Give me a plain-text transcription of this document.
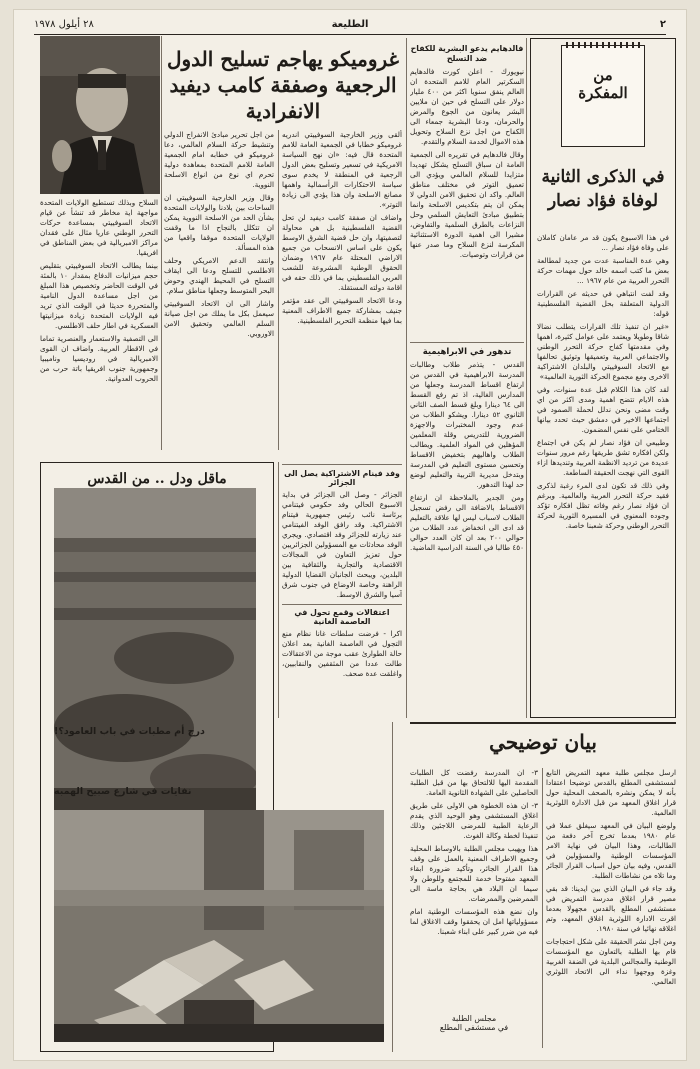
٢
الطليعة
٢٨ أيلول ١٩٧٨
من
المفكرة
في الذكرى الثانية لوفاة فؤاد نصار

في هذا الاسبوع يكون قد مر عامان كاملان على وفاة فؤاد نصار ...

وهي عدة المناسبة عدت من جديد لمطالعة بعض ما كتب اسمه خالد حول مهمات حركة التحرر العربية من عام ١٩٦٧ ...

وقد لفت انتباهي في حديثه عن القرارات الدولية المتعلقة بحل القضية الفلسطينية قوله:

«غير ان تنفيذ تلك القرارات يتطلب نضالا شاقا وطويلا ويعتمد على عوامل كثيرة، اهمها وفي مقدمتها كفاح حركة التحرر الوطني والاجتماعي العربية وتعميقها وتوثيق تحالفها مع الاتحاد السوفييتي والبلدان الاشتراكية الاخرى ومع مجموع الحركة الثورية العالمية»

لقد كان هذا الكلام قبل عدة سنوات، وفي هذه الايام تتضح اهمية ومدى اكثر من اي وقت مضى ونحن ندلل لحملة الصمود في اجتماعها الاخير في دمشق حيث تحدد بيانها الختامي على نفس المضمون.

وطبيعي ان فؤاد نصار لم يكن في اجتماع ولكن افكاره تشق طريقها رغم مرور سنوات عديدة من ترديد الانظمة العربية وتنديدها ازاء القوى التي نهجت الحقيقة الساطعة.

وفي ذلك قد تكون لدى المرء رغبة لذكرى فقيد حركة التحرر العربية والعالمية. وبرغم ان فؤاد نصار رغم وفاته تظل افكاره تؤكد وجوده المعنوي في المسيرة الثورية لحركة التحرر الوطني وحركة شعبنا خاصة.

فالدهايم يدعو البشرية للكفاح ضد التسلح

نيويورك - اعلن كورت فالدهايم السكرتير العام للامم المتحدة ان العالم ينفق سنويا اكثر من ٤٠٠ مليار دولار على التسلح في حين ان ملايين البشر يعانون من الجوع والمرض والحرمان، ودعا البشرية جمعاء الى الكفاح من اجل نزع السلاح وتحويل هذه الاموال لخدمة السلام والتقدم.

وقال فالدهايم في تقريره الى الجمعية العامة ان سباق التسلح يشكل تهديدا متزايدا للسلام العالمي ويؤدي الى تعميق التوتر في مختلف مناطق العالم. واكد ان تحقيق الامن الدولي لا يمكن ان يتم بتكديس الاسلحة وانما بتطبيق مبادئ التعايش السلمي وحل النزاعات بالطرق السلمية والتفاوض، مشيرا الى اهمية الدورة الاستثنائية المكرسة لنزع السلاح وما صدر عنها من قرارات وتوصيات.

تدهور في الابراهيمية

القدس - يتذمر طلاب وطالبات المدرسة الابراهيمية في القدس من ارتفاع اقساط المدرسة وجعلها من المدارس الغالية، اذ تم رفع القسط الى ٦٤ دينارا وبلغ قسط الصف الثاني الثانوي ٥٢ دينارا. ويشكو الطلاب من عدم وجود المختبرات والاجهزة الضرورية للتدريس وقلة المعلمين المؤهلين في المواد العلمية. ويطالب الطلاب واهاليهم بتخفيض الاقساط وتحسين مستوى التعليم في المدرسة وبتدخل مديرية التربية والتعليم لوضع حد لهذا التدهور.

ومن الجدير بالملاحظة ان ارتفاع الاقساط بالاضافة الى رفض تسجيل الطلاب لاسباب ليس لها علاقة بالتعليم قد ادى الى انخفاض عدد الطلاب من حوالي ٢٠٠ بعد ان كان العدد حوالي ٤٥٠ طالبا في السنة الدراسية الماضية.

غروميكو يهاجم تسليح الدول الرجعية وصفقة كامب ديفيد الانفرادية

ألقى وزير الخارجية السوفييتي اندريه غروميكو خطابا في الجمعية العامة للامم المتحدة قال فيه: «ان نهج السياسة الامريكية في تسعير وتسليح بعض الدول الرجعية في المنطقة لا يخدم سوى سياسة الاحتكارات الرأسمالية واهمها مصانع الاسلحة وان هذا يؤدي الى زيادة التوتر».

واضاف ان صفقة كامب ديفيد لن تحل القضية الفلسطينية بل هي محاولة لتصفيتها، وان حل قضية الشرق الاوسط يكون على اساس الانسحاب من جميع الاراضي المحتلة عام ١٩٦٧ وضمان الحقوق الوطنية المشروعة للشعب العربي الفلسطيني بما في ذلك حقه في اقامة دولته المستقلة.

ودعا الاتحاد السوفييتي الى عقد مؤتمر جنيف بمشاركة جميع الاطراف المعنية بما فيها منظمة التحرير الفلسطينية.

من اجل تحرير مبادئ الانفراج الدولي وتنشيط حركة السلام العالمي، دعا غروميكو في خطابه امام الجمعية العامة للامم المتحدة بمعاهدة دولية تحرم اي نوع من انواع الاسلحة النووية.

وقال وزير الخارجية السوفييتي ان الساحات بين بلادنا والولايات المتحدة بشأن الحد من الاسلحة النووية يمكن ان تتكلل بالنجاح اذا ما وقفت الولايات المتحدة موقفا واقعيا من هذه المسألة.

وانتقد الدعم الامريكي وحلف الاطلسي للتسلح ودعا الى ايقاف التسلح في المحيط الهندي وحوض البحر المتوسط وجعلها مناطق سلام.

واشار الى ان الاتحاد السوفييتي سيعمل بكل ما يملك من اجل صيانة السلم العالمي وتحقيق الامن الاوروبي.

السلاح وبذلك تستطيع الولايات المتحدة مواجهة اية مخاطر قد تنشأ عن قيام الاتحاد السوفييتي بمساعدة حركات التحرر الوطني عاريا مثال على فقدان مراكز الامبريالية في بعض المناطق في افريقيا.

بينما يطالب الاتحاد السوفييتي بتقليص حجم ميزانيات الدفاع بمقدار ١٠ بالمئة في الوقت الحاضر وتخصيص هذا المبلغ من اجل مساعدة الدول النامية والمتحررة حديثا في الوقت الذي تريد فيه الولايات المتحدة زيادة ميزانيتها العسكرية في اطار حلف الاطلسي.

الى التصفية والاستعمار والعنصرية تماما في الاقطار العربية. واضاف ان القوى الامبريالية في روديسيا وناميبيا وجمهورية جنوب افريقيا باتة حرب من الحروب العدوانية.

وفد فينام الاشتراكية يصل الى الجزائر

الجزائر - وصل الى الجزائر في بداية الاسبوع الحالي وفد حكومي فيتنامي برئاسة نائب رئيس جمهورية فيتنام الاشتراكية. وقد رافق الوفد الفيتنامي عند زيارته للجزائر وفد اقتصادي. ويجري الوفد محادثات مع المسؤولين الجزائريين حول تعزيز التعاون في المجالات الاقتصادية والتجارية والثقافية بين البلدين، ويبحث الجانبان القضايا الدولية الراهنة وخاصة الاوضاع في جنوب شرق آسيا والشرق الاوسط.

اعتقالات وقمع تحول في العاصمة الغانية

اكرا - فرضت سلطات غانا نظام منع التجول في العاصمة الغانية بعد اعلان حالة الطوارئ عقب موجة من الاعتقالات طالت عددا من المثقفين والنقابيين، واغلقت عدة صحف.

ماقل ودل .. من القدس
درج أم مطبات في باب العامود؟!
نفايات في شارع صبيح الهمبه
بيان توضيحي

ارسل مجلس طلبة معهد التمريض التابع لمستشفى المطلع بالقدس توضيحا اعتقادا بأنه لا يمكن ونشره بالصحف المحلية حول قرار اغلاق المعهد من قبل الادارة اللوثرية العالمية.

ولوضع البيان في المعهد سيغلق عملا في عام ١٩٨٠ بعدما تخرج آخر دفعة من الطالبات، وهذا البيان في نهاية الامر المؤسسات الوطنية والمسؤولين في القدس، وفيه بيان حول اسباب القرار الجائر وما تلاه من نشاطات الطلبة.

وقد جاء في البيان الذي بين ايدينا: قد بقي مصير قرار اغلاق مدرسة التمريض في مستشفى المطلع بالقدس مجهولا بعدما اقرت الادارة اللوثرية اغلاق المعهد، وتم اغلاقه نهائيا في سنة ١٩٨٠.

ومن اجل نشر الحقيقة على شكل احتجاجات قام بها الطلبة بالتعاون مع المؤسسات الوطنية والمجالس البلدية في الضفة الغربية وغزة ووجهوا نداء الى الاتحاد اللوثري العالمي.

٣- ان المدرسة رفضت كل الطلبات المقدمة اليها للالتحاق بها من قبل الطلبة الحاصلين على الشهادة الثانوية العامة.

٣- ان هذه الخطوة هي الاولى على طريق اغلاق المستشفى وهو الوحيد الذي يقدم الرعاية الطبية للمرضى اللاجئين وذلك تنفيذا لخطة وكالة الغوث.

هذا ويهيب مجلس الطلبة بالاوساط المحلية وجميع الاطراف المعنية بالعمل على وقف هذا القرار الجائر، وتأكيد ضرورة ابقاء المعهد مفتوحا خدمة للمجتمع وللوطن ولا سيما ان البلاد هي بحاجة ماسة الى الممرضين والممرضات.

وان نضع هذه المؤسسات الوطنية امام مسؤولياتها امل ان يحققوا وقف الاغلاق لما فيه من ضرر كبير على ابناء شعبنا.

مجلس الطلبة
في مستشفى المطلع
